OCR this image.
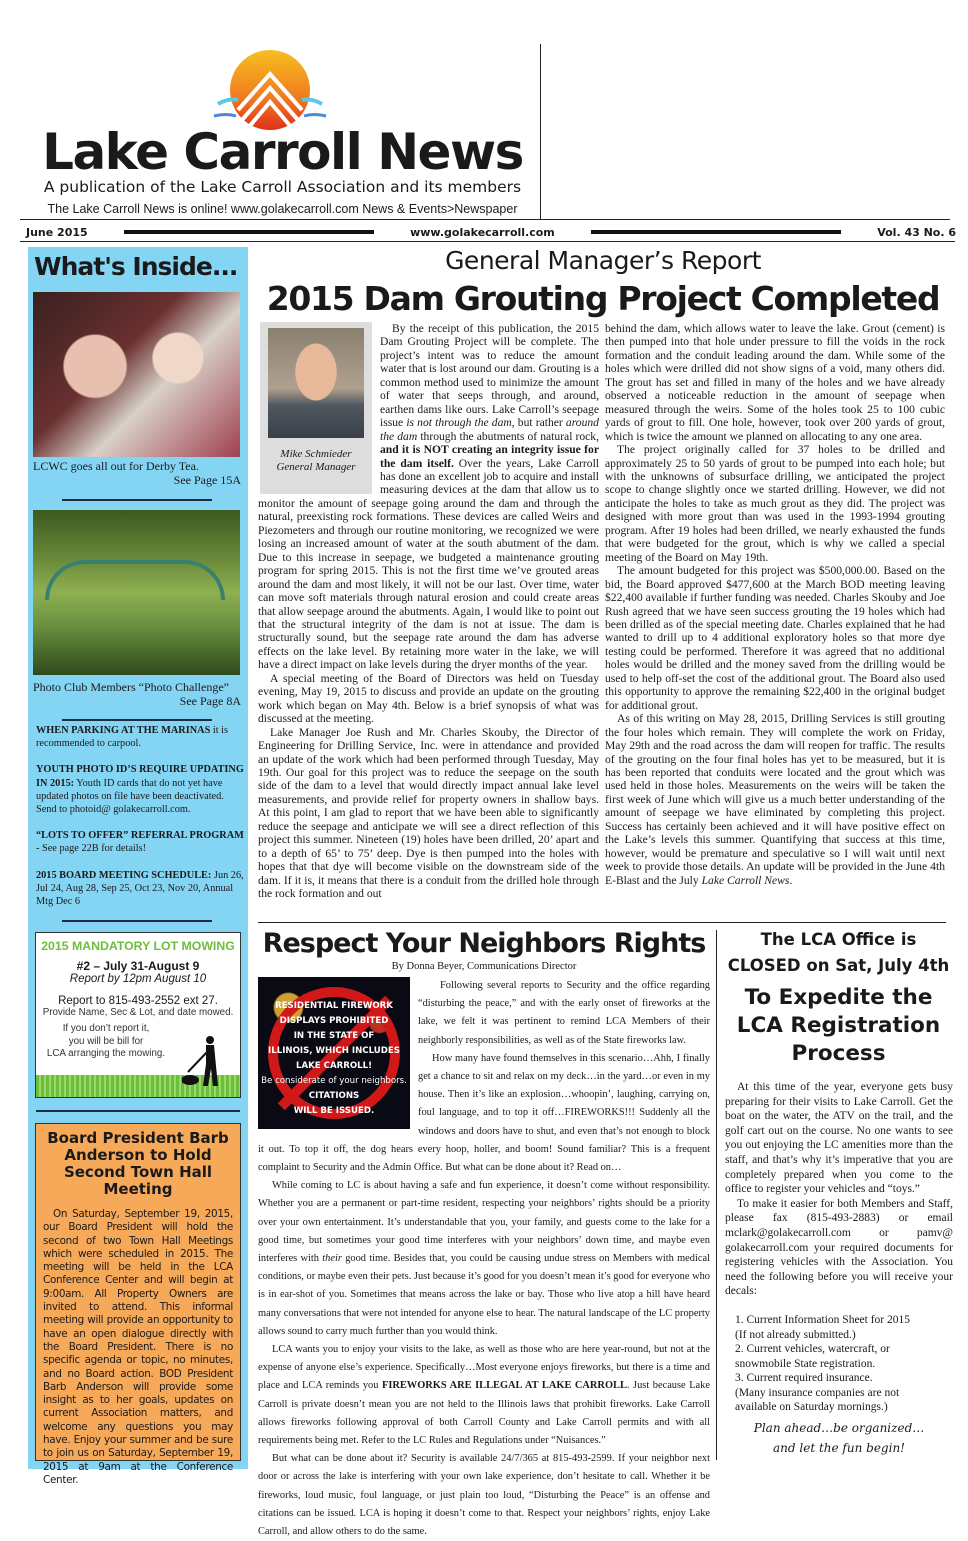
Lake Carroll News
A publication of the Lake Carroll Association and its members
The Lake Carroll News is online! www.golakecarroll.com News & Events>Newspaper
June 2015	www.golakecarroll.com	Vol. 43 No. 6
What's Inside...
LCWC goes all out for Derby Tea.
See Page 15A
Photo Club Members “Photo Challenge”
See Page 8A

WHEN PARKING AT THE MARINAS it is recommended to carpool.

YOUTH PHOTO ID’S REQUIRE UPDATING IN 2015: Youth ID cards that do not yet have updated photos on file have been deactivated. Send to photoid@ golakecarroll.com.

“LOTS TO OFFER” REFERRAL PROGRAM - See page 22B for details!

2015 BOARD MEETING SCHEDULE: Jun 26, Jul 24, Aug 28, Sep 25, Oct 23, Nov 20, Annual Mtg Dec 6

2015 MANDATORY LOT MOWING
#2 – July 31-August 9
Report by 12pm August 10
Report to 815-493-2552 ext 27.
Provide Name, Sec & Lot, and date mowed.
If you don’t report it,
you will be bill for
LCA arranging the mowing.
Board President Barb Anderson to Hold Second Town Hall Meeting

On Saturday, September 19, 2015, our Board President will hold the second of two Town Hall Meetings which were scheduled in 2015. The meeting will be held in the LCA Conference Center and will begin at 9:00am. All Property Owners are invited to attend. This informal meeting will provide an opportunity to have an open dialogue directly with the Board President. There is no specific agenda or topic, no minutes, and no Board action. BOD President Barb Anderson will provide some insight as to her goals, updates on current Association matters, and welcome any questions you may have. Enjoy your summer and be sure to join us on Saturday, September 19, 2015 at 9am at the Conference Center.

General Manager’s Report
2015 Dam Grouting Project Completed
Mike Schmieder
General Manager

By the receipt of this publication, the 2015 Dam Grouting Project will be complete. The project’s intent was to reduce the amount water that is lost around our dam. Grouting is a common method used to minimize the amount of water that seeps through, and around, earthen dams like ours. Lake Carroll’s seepage issue is not through the dam, but rather around the dam through the abutments of natural rock, and it is NOT creating an integrity issue for the dam itself. Over the years, Lake Carroll has done an excellent job to acquire and install measuring devices at the dam that allow us to monitor the amount of seepage going around the dam and through the natural, preexisting rock formations. These devices are called Weirs and Piezometers and through our routine monitoring, we recognized we were losing an increased amount of water at the south abutment of the dam. Due to this increase in seepage, we budgeted a maintenance grouting program for spring 2015. This is not the first time we’ve grouted areas around the dam and most likely, it will not be our last. Over time, water can move soft materials through natural erosion and could create areas that allow seepage around the abutments. Again, I would like to point out that the structural integrity of the dam is not at issue. The dam is structurally sound, but the seepage rate around the dam has adverse effects on the lake level. By retaining more water in the lake, we will have a direct impact on lake levels during the dryer months of the year.

A special meeting of the Board of Directors was held on Tuesday evening, May 19, 2015 to discuss and provide an update on the grouting work which began on May 4th. Below is a brief synopsis of what was discussed at the meeting.

Lake Manager Joe Rush and Mr. Charles Skouby, the Director of Engineering for Drilling Service, Inc. were in attendance and provided an update of the work which had been performed through Tuesday, May 19th. Our goal for this project was to reduce the seepage on the south side of the dam to a level that would directly impact annual lake level measurements, and provide relief for property owners in shallow bays. At this point, I am glad to report that we have been able to significantly reduce the seepage and anticipate we will see a direct reflection of this project this summer. Nineteen (19) holes have been drilled, 20’ apart and to a depth of 65’ to 75’ deep. Dye is then pumped into the holes with hopes that that dye will become visible on the downstream side of the dam. If it is, it means that there is a conduit from the drilled hole through the rock formation and out

behind the dam, which allows water to leave the lake. Grout (cement) is then pumped into that hole under pressure to fill the voids in the rock formation and the conduit leading around the dam. While some of the holes which were drilled did not show signs of a void, many others did. The grout has set and filled in many of the holes and we have already observed a noticeable reduction in the amount of seepage when measured through the weirs. Some of the holes took 25 to 100 cubic yards of grout to fill. One hole, however, took over 200 yards of grout, which is twice the amount we planned on allocating to any one area.

The project originally called for 37 holes to be drilled and approximately 25 to 50 yards of grout to be pumped into each hole; but with the unknowns of subsurface drilling, we anticipated the project scope to change slightly once we started drilling. However, we did not anticipate the holes to take as much grout as they did. The project was designed with more grout than was used in the 1993-1994 grouting program. After 19 holes had been drilled, we nearly exhausted the funds that were budgeted for the grout, which is why we called a special meeting of the Board on May 19th.

The amount budgeted for this project was $500,000.00. Based on the bid, the Board approved $477,600 at the March BOD meeting leaving $22,400 available if further funding was needed. Charles Skouby and Joe Rush agreed that we have seen success grouting the 19 holes which had been drilled as of the special meeting date. Charles explained that he had wanted to drill up to 4 additional exploratory holes so that more dye testing could be performed. Therefore it was agreed that no additional holes would be drilled and the money saved from the drilling would be used to help off-set the cost of the additional grout. The Board also used this opportunity to approve the remaining $22,400 in the original budget for additional grout.

As of this writing on May 28, 2015, Drilling Services is still grouting the four holes which remain. They will complete the work on Friday, May 29th and the road across the dam will reopen for traffic. The results of the grouting on the four final holes has yet to be measured, but it is has been reported that conduits were located and the grout which was used held in those holes. Measurements on the weirs will be taken the first week of June which will give us a much better understanding of the amount of seepage we have eliminated by completing this project. Success has certainly been achieved and it will have positive effect on the Lake’s levels this summer. Quantifying that success at this time, however, would be premature and speculative so I will wait until next week to provide those details. An update will be provided in the June 4th E-Blast and the July Lake Carroll News.

Respect Your Neighbors Rights
By Donna Beyer, Communications Director
RESIDENTIAL FIREWORK
DISPLAYS PROHIBITED
IN THE STATE OF
ILLINOIS, WHICH INCLUDES
LAKE CARROLL!
Be considerate of your neighbors.
CITATIONS
WILL BE ISSUED.

Following several reports to Security and the office regarding “disturbing the peace,” and with the early onset of fireworks at the lake, we felt it was pertinent to remind LCA Members of their neighborly responsibilities, as well as of the State fireworks law.

How many have found themselves in this scenario…Ahh, I finally get a chance to sit and relax on my deck…in the yard…or even in my house. Then it’s like an explosion…whoopin’, laughing, carrying on, foul language, and to top it off…FIREWORKS!!! Suddenly all the windows and doors have to shut, and even that’s not enough to block it out. To top it off, the dog hears every hoop, holler, and boom! Sound familiar? This is a frequent complaint to Security and the Admin Office. But what can be done about it? Read on…

While coming to LC is about having a safe and fun experience, it doesn’t come without responsibility. Whether you are a permanent or part-time resident, respecting your neighbors’ rights should be a priority over your own entertainment. It’s understandable that you, your family, and guests come to the lake for a good time, but sometimes your good time interferes with your neighbors’ down time, and maybe even interferes with their good time. Besides that, you could be causing undue stress on Members with medical conditions, or maybe even their pets. Just because it’s good for you doesn’t mean it’s good for everyone who is in ear-shot of you. Sometimes that means across the lake or bay. Those who live atop a hill have heard many conversations that were not intended for anyone else to hear. The natural landscape of the LC property allows sound to carry much further than you would think.

LCA wants you to enjoy your visits to the lake, as well as those who are here year-round, but not at the expense of anyone else’s experience. Specifically…Most everyone enjoys fireworks, but there is a time and place and LCA reminds you FIREWORKS ARE ILLEGAL AT LAKE CARROLL. Just because Lake Carroll is private doesn’t mean you are not held to the Illinois laws that prohibit fireworks. Lake Carroll allows fireworks following approval of both Carroll County and Lake Carroll permits and with all requirements being met. Refer to the LC Rules and Regulations under “Nuisances.”

But what can be done about it? Security is available 24/7/365 at 815-493-2599. If your neighbor next door or across the lake is interfering with your own lake experience, don’t hesitate to call. Whether it be fireworks, loud music, foul language, or just plain too loud, “Disturbing the Peace” is an offense and citations can be issued. LCA is hoping it doesn’t come to that. Respect your neighbors’ rights, enjoy Lake Carroll, and allow others to do the same.

The LCA Office is
CLOSED on Sat, July 4th
To Expedite the LCA Registration Process

At this time of the year, everyone gets busy preparing for their visits to Lake Carroll. Get the boat on the water, the ATV on the trail, and the golf cart out on the course. No one wants to see you out enjoying the LC amenities more than the staff, and that’s why it’s imperative that you are completely prepared when you come to the office to register your vehicles and “toys.”

To make it easier for both Members and Staff, please fax (815-493-2883) or email mclark@golakecarroll.com or pamv@ golakecarroll.com your required documents for registering vehicles with the Association. You need the following before you will receive your decals:

1. Current Information Sheet for 2015
(If not already submitted.)
2. Current vehicles, watercraft, or
snowmobile State registration.
3. Current required insurance.
(Many insurance companies are not
available on Saturday mornings.)
Plan ahead…be organized…
and let the fun begin!
